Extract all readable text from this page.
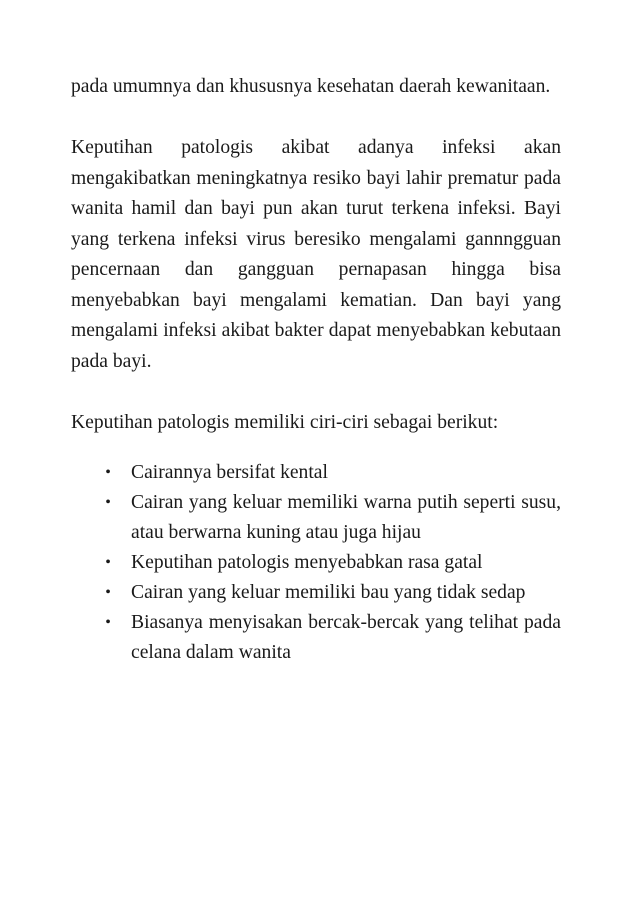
pada umumnya dan khususnya kesehatan daerah kewanitaan.

Keputihan patologis akibat adanya infeksi akan mengakibatkan meningkatnya resiko bayi lahir prematur pada wanita hamil dan bayi pun akan turut terkena infeksi. Bayi yang terkena infeksi virus beresiko mengalami gannngguan pencernaan dan gangguan pernapasan hingga bisa menyebabkan bayi mengalami kematian. Dan bayi yang mengalami infeksi akibat bakter dapat menyebabkan kebutaan pada bayi.

Keputihan patologis memiliki ciri-ciri sebagai berikut:

•	Cairannya bersifat kental
•	Cairan yang keluar memiliki warna putih seperti susu, atau berwarna kuning atau juga hijau
•	Keputihan patologis menyebabkan rasa gatal
•	Cairan yang keluar memiliki bau yang tidak sedap
•	Biasanya menyisakan bercak-bercak yang telihat pada celana dalam wanita
